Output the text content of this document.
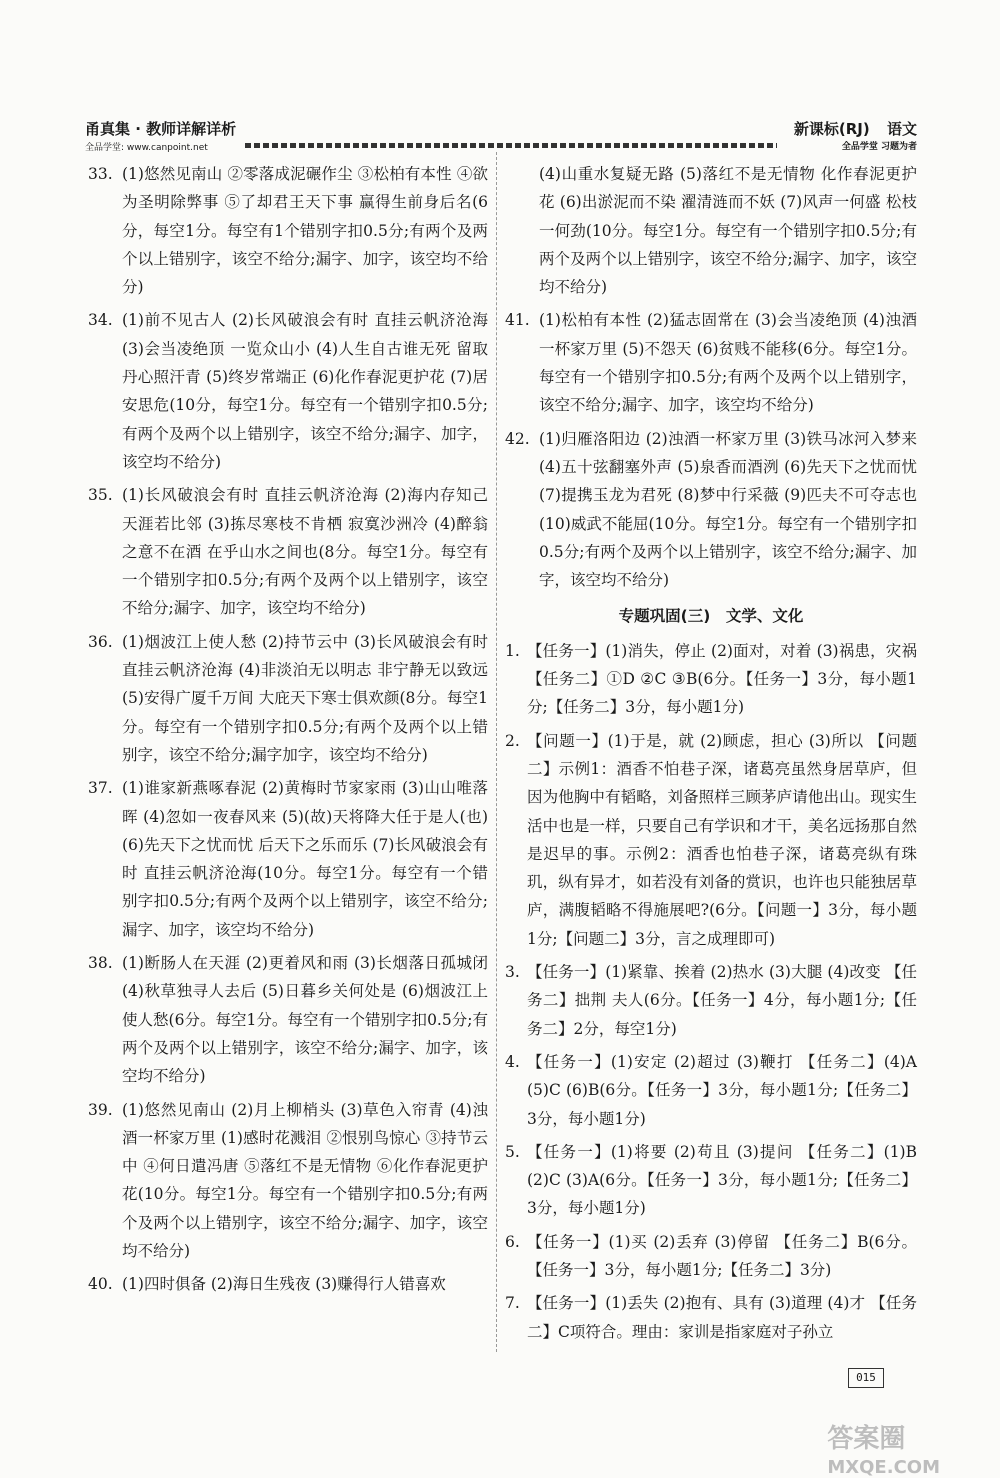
甬真集 · 教师详解详析	新课标(RJ) 语文
全品学堂: www.canpoint.net	全品学堂 习题为者
33. (1)悠然见南山 ②零落成泥碾作尘 ③松柏有本性 ④欲为圣明除弊事 ⑤了却君王天下事 赢得生前身后名(6分，每空1分。每空有1个错别字扣0.5分;有两个及两个以上错别字，该空不给分;漏字、加字，该空均不给分)
34. (1)前不见古人 (2)长风破浪会有时 直挂云帆济沧海 (3)会当凌绝顶 一览众山小 (4)人生自古谁无死 留取丹心照汗青 (5)终岁常端正 (6)化作春泥更护花 (7)居安思危(10分，每空1分。每空有一个错别字扣0.5分;有两个及两个以上错别字，该空不给分;漏字、加字，该空均不给分)
35. (1)长风破浪会有时 直挂云帆济沧海 (2)海内存知己 天涯若比邻 (3)拣尽寒枝不肯栖 寂寞沙洲冷 (4)醉翁之意不在酒 在乎山水之间也(8分。每空1分。每空有一个错别字扣0.5分;有两个及两个以上错别字，该空不给分;漏字、加字，该空均不给分)
36. (1)烟波江上使人愁 (2)持节云中 (3)长风破浪会有时 直挂云帆济沧海 (4)非淡泊无以明志 非宁静无以致远 (5)安得广厦千万间 大庇天下寒士俱欢颜(8分。每空1分。每空有一个错别字扣0.5分;有两个及两个以上错别字，该空不给分;漏字加字，该空均不给分)
37. (1)谁家新燕啄春泥 (2)黄梅时节家家雨 (3)山山唯落晖 (4)忽如一夜春风来 (5)(故)天将降大任于是人(也) (6)先天下之忧而忧 后天下之乐而乐 (7)长风破浪会有时 直挂云帆济沧海(10分。每空1分。每空有一个错别字扣0.5分;有两个及两个以上错别字，该空不给分;漏字、加字，该空均不给分)
38. (1)断肠人在天涯 (2)更着风和雨 (3)长烟落日孤城闭 (4)秋草独寻人去后 (5)日暮乡关何处是 (6)烟波江上使人愁(6分。每空1分。每空有一个错别字扣0.5分;有两个及两个以上错别字，该空不给分;漏字、加字，该空均不给分)
39. (1)悠然见南山 (2)月上柳梢头 (3)草色入帘青 (4)浊酒一杯家万里 (1)感时花溅泪 ②恨别鸟惊心 ③持节云中 ④何日遣冯唐 ⑤落红不是无情物 ⑥化作春泥更护花(10分。每空1分。每空有一个错别字扣0.5分;有两个及两个以上错别字，该空不给分;漏字、加字，该空均不给分)
40. (1)四时俱备 (2)海日生残夜 (3)赚得行人错喜欢
(4)山重水复疑无路 (5)落红不是无情物 化作春泥更护花 (6)出淤泥而不染 濯清涟而不妖 (7)风声一何盛 松枝一何劲(10分。每空1分。每空有一个错别字扣0.5分;有两个及两个以上错别字，该空不给分;漏字、加字，该空均不给分)
41. (1)松柏有本性 (2)猛志固常在 (3)会当凌绝顶 (4)浊酒一杯家万里 (5)不怨天 (6)贫贱不能移(6分。每空1分。每空有一个错别字扣0.5分;有两个及两个以上错别字，该空不给分;漏字、加字，该空均不给分)
42. (1)归雁洛阳边 (2)浊酒一杯家万里 (3)铁马冰河入梦来 (4)五十弦翻塞外声 (5)泉香而酒洌 (6)先天下之忧而忧 (7)提携玉龙为君死 (8)梦中行采薇 (9)匹夫不可夺志也 (10)威武不能屈(10分。每空1分。每空有一个错别字扣0.5分;有两个及两个以上错别字，该空不给分;漏字、加字，该空均不给分)
专题巩固(三)　文学、文化
1. 【任务一】(1)消失，停止 (2)面对，对着 (3)祸患，灾祸 【任务二】①D ②C ③B(6分。【任务一】3分，每小题1分;【任务二】3分，每小题1分)
2. 【问题一】(1)于是，就 (2)顾虑，担心 (3)所以 【问题二】示例1：酒香不怕巷子深，诸葛亮虽然身居草庐，但因为他胸中有韬略，刘备照样三顾茅庐请他出山。现实生活中也是一样，只要自己有学识和才干，美名远扬那自然是迟早的事。示例2：酒香也怕巷子深，诸葛亮纵有珠玑，纵有异才，如若没有刘备的赏识，也许也只能独居草庐，满腹韬略不得施展吧?(6分。【问题一】3分，每小题1分;【问题二】3分，言之成理即可)
3. 【任务一】(1)紧靠、挨着 (2)热水 (3)大腿 (4)改变 【任务二】拙荆 夫人(6分。【任务一】4分，每小题1分;【任务二】2分，每空1分)
4. 【任务一】(1)安定 (2)超过 (3)鞭打 【任务二】(4)A (5)C (6)B(6分。【任务一】3分，每小题1分;【任务二】3分，每小题1分)
5. 【任务一】(1)将要 (2)苟且 (3)提问 【任务二】(1)B (2)C (3)A(6分。【任务一】3分，每小题1分;【任务二】3分，每小题1分)
6. 【任务一】(1)买 (2)丢弃 (3)停留 【任务二】B(6分。【任务一】3分，每小题1分;【任务二】3分)
7. 【任务一】(1)丢失 (2)抱有、具有 (3)道理 (4)才 【任务二】C项符合。理由：家训是指家庭对子孙立
015
答案圈
MXQE.COM
